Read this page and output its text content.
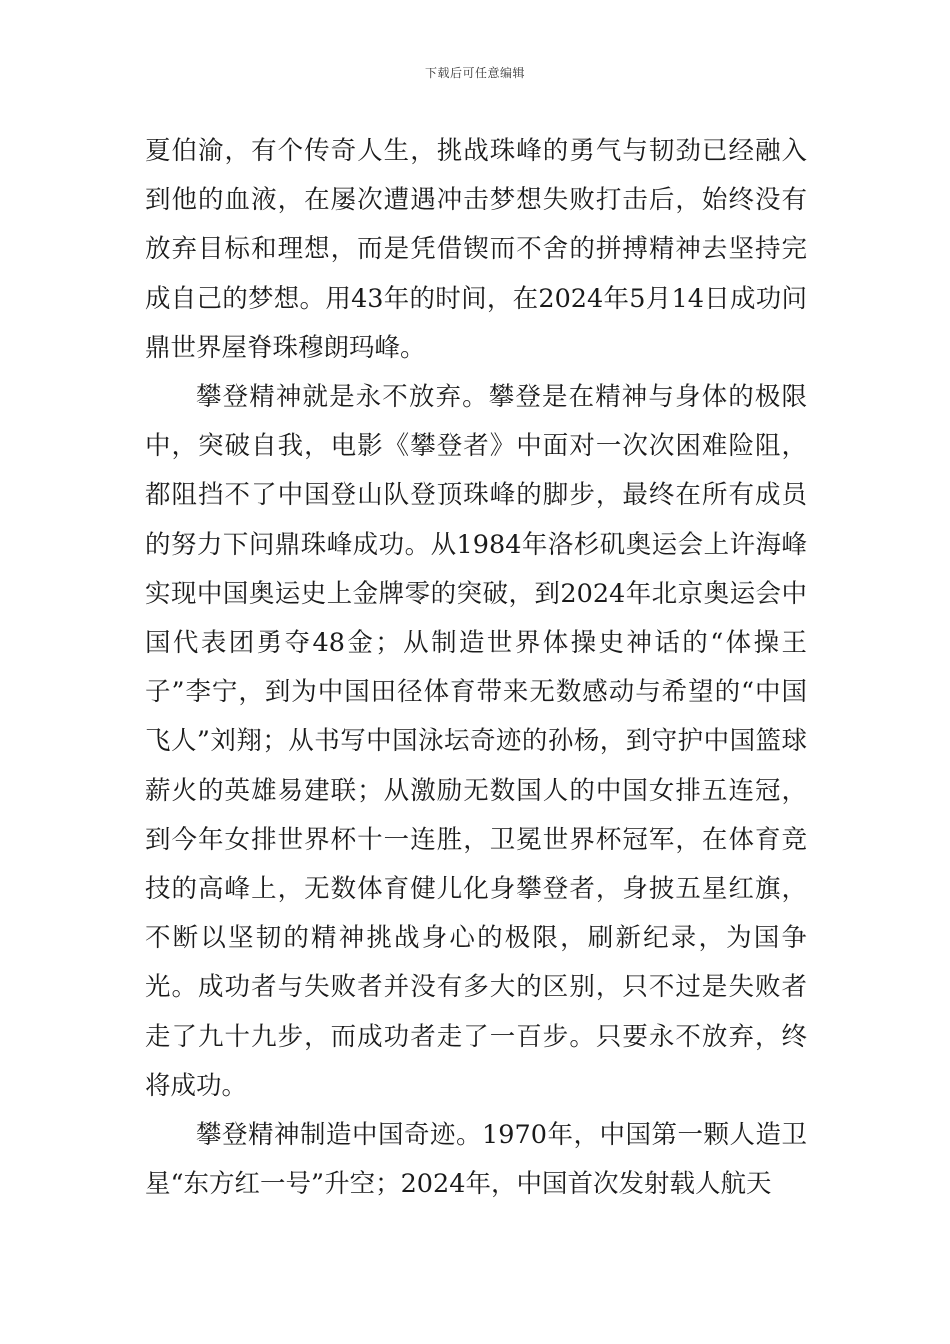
下载后可任意编辑

夏伯渝，有个传奇人生，挑战珠峰的勇气与韧劲已经融入到他的血液，在屡次遭遇冲击梦想失败打击后，始终没有放弃目标和理想，而是凭借锲而不舍的拼搏精神去坚持完成自己的梦想。用43年的时间，在2024年5月14日成功问鼎世界屋脊珠穆朗玛峰。

攀登精神就是永不放弃。攀登是在精神与身体的极限中，突破自我，电影《攀登者》中面对一次次困难险阻，都阻挡不了中国登山队登顶珠峰的脚步，最终在所有成员的努力下问鼎珠峰成功。从1984年洛杉矶奥运会上许海峰实现中国奥运史上金牌零的突破，到2024年北京奥运会中国代表团勇夺48金；从制造世界体操史神话的“体操王子”李宁，到为中国田径体育带来无数感动与希望的“中国飞人”刘翔；从书写中国泳坛奇迹的孙杨，到守护中国篮球薪火的英雄易建联；从激励无数国人的中国女排五连冠，到今年女排世界杯十一连胜，卫冕世界杯冠军，在体育竞技的高峰上，无数体育健儿化身攀登者，身披五星红旗，不断以坚韧的精神挑战身心的极限，刷新纪录，为国争光。成功者与失败者并没有多大的区别，只不过是失败者走了九十九步，而成功者走了一百步。只要永不放弃，终将成功。

攀登精神制造中国奇迹。1970年，中国第一颗人造卫星“东方红一号”升空；2024年，中国首次发射载人航天
